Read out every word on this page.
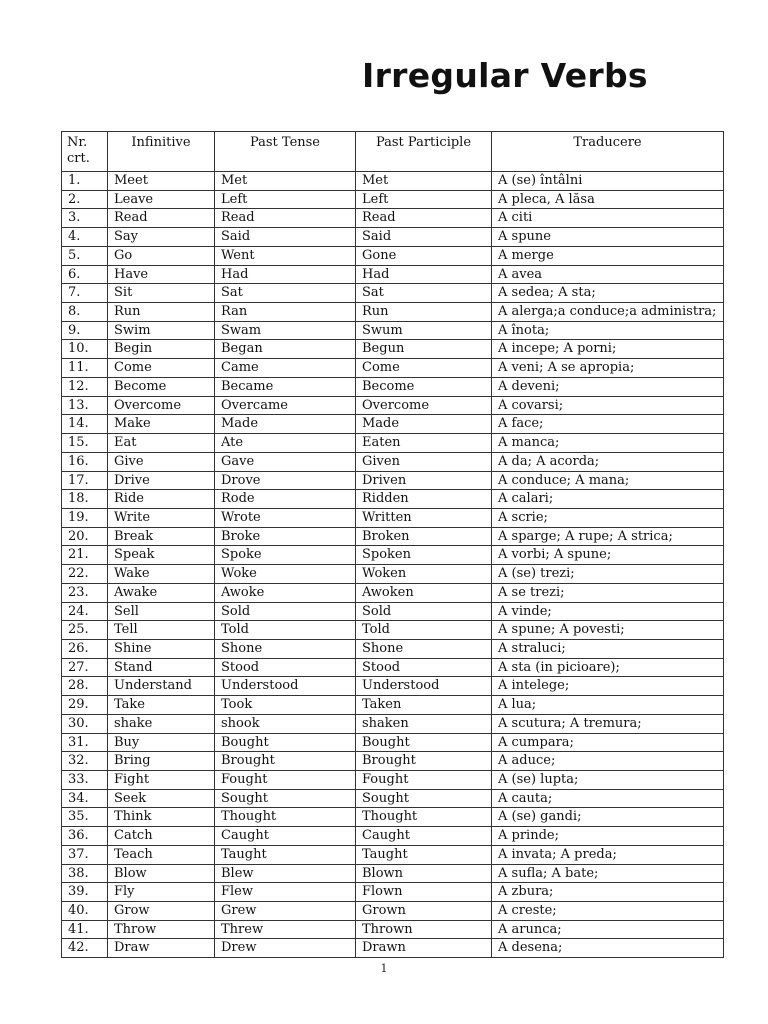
Irregular Verbs
Nr. crt.	Infinitive	Past Tense	Past Participle	Traducere
1.	Meet	Met	Met	A (se) întâlni
2.	Leave	Left	Left	A pleca, A lăsa
3.	Read	Read	Read	A citi
4.	Say	Said	Said	A spune
5.	Go	Went	Gone	A merge
6.	Have	Had	Had	A avea
7.	Sit	Sat	Sat	A sedea; A sta;
8.	Run	Ran	Run	A alerga;a conduce;a administra;
9.	Swim	Swam	Swum	A înota;
10.	Begin	Began	Begun	A incepe; A porni;
11.	Come	Came	Come	A veni; A se apropia;
12.	Become	Became	Become	A deveni;
13.	Overcome	Overcame	Overcome	A covarsi;
14.	Make	Made	Made	A face;
15.	Eat	Ate	Eaten	A manca;
16.	Give	Gave	Given	A da; A acorda;
17.	Drive	Drove	Driven	A conduce; A mana;
18.	Ride	Rode	Ridden	A calari;
19.	Write	Wrote	Written	A scrie;
20.	Break	Broke	Broken	A sparge; A rupe; A strica;
21.	Speak	Spoke	Spoken	A vorbi; A spune;
22.	Wake	Woke	Woken	A (se) trezi;
23.	Awake	Awoke	Awoken	A se trezi;
24.	Sell	Sold	Sold	A vinde;
25.	Tell	Told	Told	A spune; A povesti;
26.	Shine	Shone	Shone	A straluci;
27.	Stand	Stood	Stood	A sta (in picioare);
28.	Understand	Understood	Understood	A intelege;
29.	Take	Took	Taken	A lua;
30.	shake	shook	shaken	A scutura; A tremura;
31.	Buy	Bought	Bought	A cumpara;
32.	Bring	Brought	Brought	A aduce;
33.	Fight	Fought	Fought	A (se) lupta;
34.	Seek	Sought	Sought	A cauta;
35.	Think	Thought	Thought	A (se) gandi;
36.	Catch	Caught	Caught	A prinde;
37.	Teach	Taught	Taught	A invata; A preda;
38.	Blow	Blew	Blown	A sufla; A bate;
39.	Fly	Flew	Flown	A zbura;
40.	Grow	Grew	Grown	A creste;
41.	Throw	Threw	Thrown	A arunca;
42.	Draw	Drew	Drawn	A desena;
1
